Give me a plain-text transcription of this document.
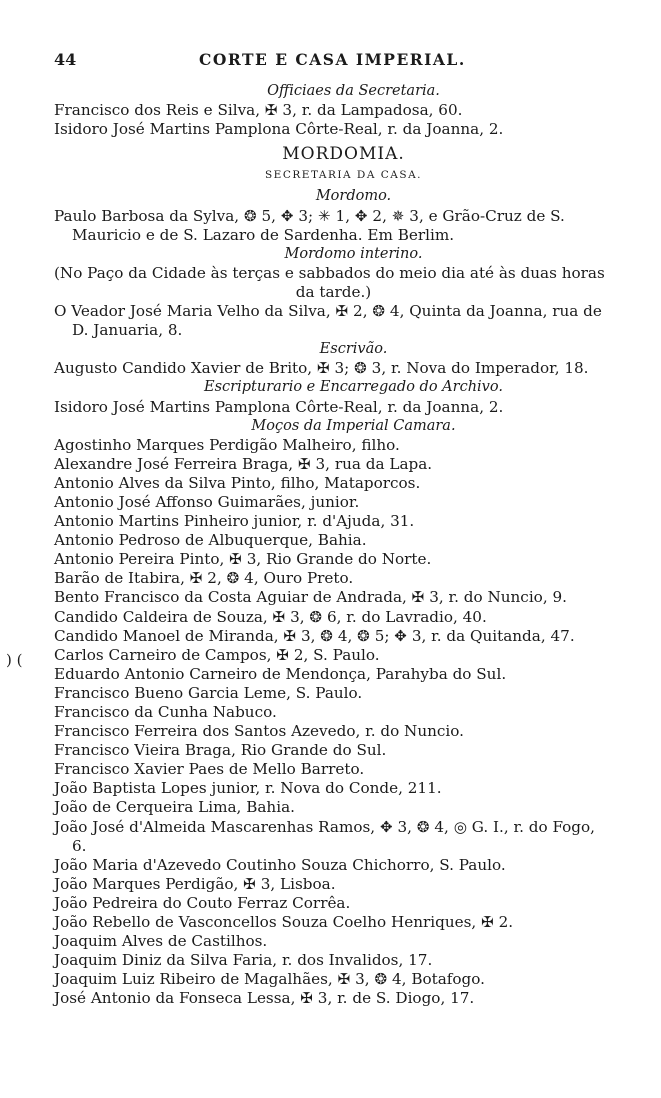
44	CORTE E CASA IMPERIAL.
Officiaes da Secretaria.
Francisco dos Reis e Silva, ✠ 3, r. da Lampadosa, 60.
Isidoro José Martins Pamplona Côrte-Real, r. da Joanna, 2.
MORDOMIA.
SECRETARIA DA CASA.
Mordomo.
Paulo Barbosa da Sylva, ❂ 5, ✥ 3; ✳ 1, ✥ 2, ✵ 3, e Grão-Cruz de S. Mauricio e de S. Lazaro de Sardenha. Em Berlim.
Mordomo interino.
(No Paço da Cidade às terças e sabbados do meio dia até às duas horas
da tarde.)
O Veador José Maria Velho da Silva, ✠ 2, ❂ 4, Quinta da Joanna, rua de D. Januaria, 8.
Escrivão.
Augusto Candido Xavier de Brito, ✠ 3; ❂ 3, r. Nova do Imperador, 18.
Escripturario e Encarregado do Archivo.
Isidoro José Martins Pamplona Côrte-Real, r. da Joanna, 2.
Moços da Imperial Camara.
Agostinho Marques Perdigão Malheiro, filho.
Alexandre José Ferreira Braga, ✠ 3, rua da Lapa.
Antonio Alves da Silva Pinto, filho, Mataporcos.
Antonio José Affonso Guimarães, junior.
Antonio Martins Pinheiro junior, r. d'Ajuda, 31.
Antonio Pedroso de Albuquerque, Bahia.
Antonio Pereira Pinto, ✠ 3, Rio Grande do Norte.
Barão de Itabira, ✠ 2, ❂ 4, Ouro Preto.
Bento Francisco da Costa Aguiar de Andrada, ✠ 3, r. do Nuncio, 9.
Candido Caldeira de Souza, ✠ 3, ❂ 6, r. do Lavradio, 40.
Candido Manoel de Miranda, ✠ 3, ❂ 4, ❂ 5; ✥ 3, r. da Quitanda, 47.
Carlos Carneiro de Campos, ✠ 2, S. Paulo.
Eduardo Antonio Carneiro de Mendonça, Parahyba do Sul.
Francisco Bueno Garcia Leme, S. Paulo.
Francisco da Cunha Nabuco.
Francisco Ferreira dos Santos Azevedo, r. do Nuncio.
Francisco Vieira Braga, Rio Grande do Sul.
Francisco Xavier Paes de Mello Barreto.
João Baptista Lopes junior, r. Nova do Conde, 211.
João de Cerqueira Lima, Bahia.
João José d'Almeida Mascarenhas Ramos, ✥ 3, ❂ 4, ◎ G. I., r. do Fogo, 6.
João Maria d'Azevedo Coutinho Souza Chichorro, S. Paulo.
João Marques Perdigão, ✠ 3, Lisboa.
João Pedreira do Couto Ferraz Corrêa.
João Rebello de Vasconcellos Souza Coelho Henriques, ✠ 2.
Joaquim Alves de Castilhos.
Joaquim Diniz da Silva Faria, r. dos Invalidos, 17.
Joaquim Luiz Ribeiro de Magalhães, ✠ 3, ❂ 4, Botafogo.
José Antonio da Fonseca Lessa, ✠ 3, r. de S. Diogo, 17.
) (
